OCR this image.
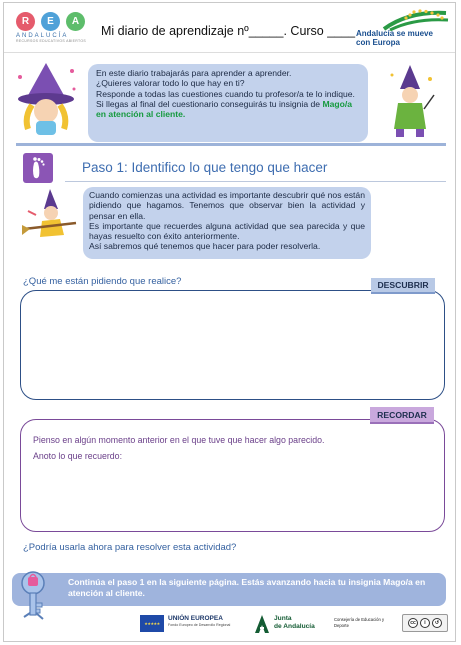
R	E	A
ANDALUCÍA
RECURSOS EDUCATIVOS ABIERTOS
Mi diario de aprendizaje nº_____. Curso ____ Andalucía se mueve con Europa
En este diario trabajarás para aprender a aprender.
¿Quieres valorar todo lo que hay en ti?
Responde a todas las cuestiones cuando tu profesor/a te lo indique.
Si llegas al final del cuestionario conseguirás tu insignia de Mago/a en atención al cliente.
Paso 1: Identifico lo que tengo que hacer

Cuando comienzas una actividad es importante descubrir qué nos están pidiendo que hagamos. Tenemos que observar bien la actividad y pensar en ella.

Es importante que recuerdes alguna actividad que sea parecida y que hayas resuelto con éxito anteriormente.

Así sabremos qué tenemos que hacer para poder resolverla.

¿Qué me están pidiendo que realice?	DESCUBRIR
Pienso en algún momento anterior en el que tuve que hacer algo parecido.
Anoto lo que recuerdo:
RECORDAR
¿Podría usarla ahora para resolver esta actividad?
Continúa el paso 1 en la siguiente página. Estás avanzando hacia tu insignia Mago/a en atención al cliente.
★★★★★
UNIÓN EUROPEA
Fondo Europeo de Desarrollo Regional
Junta
de Andalucía
Consejería de Educación y Deporte	cc	i	↺
